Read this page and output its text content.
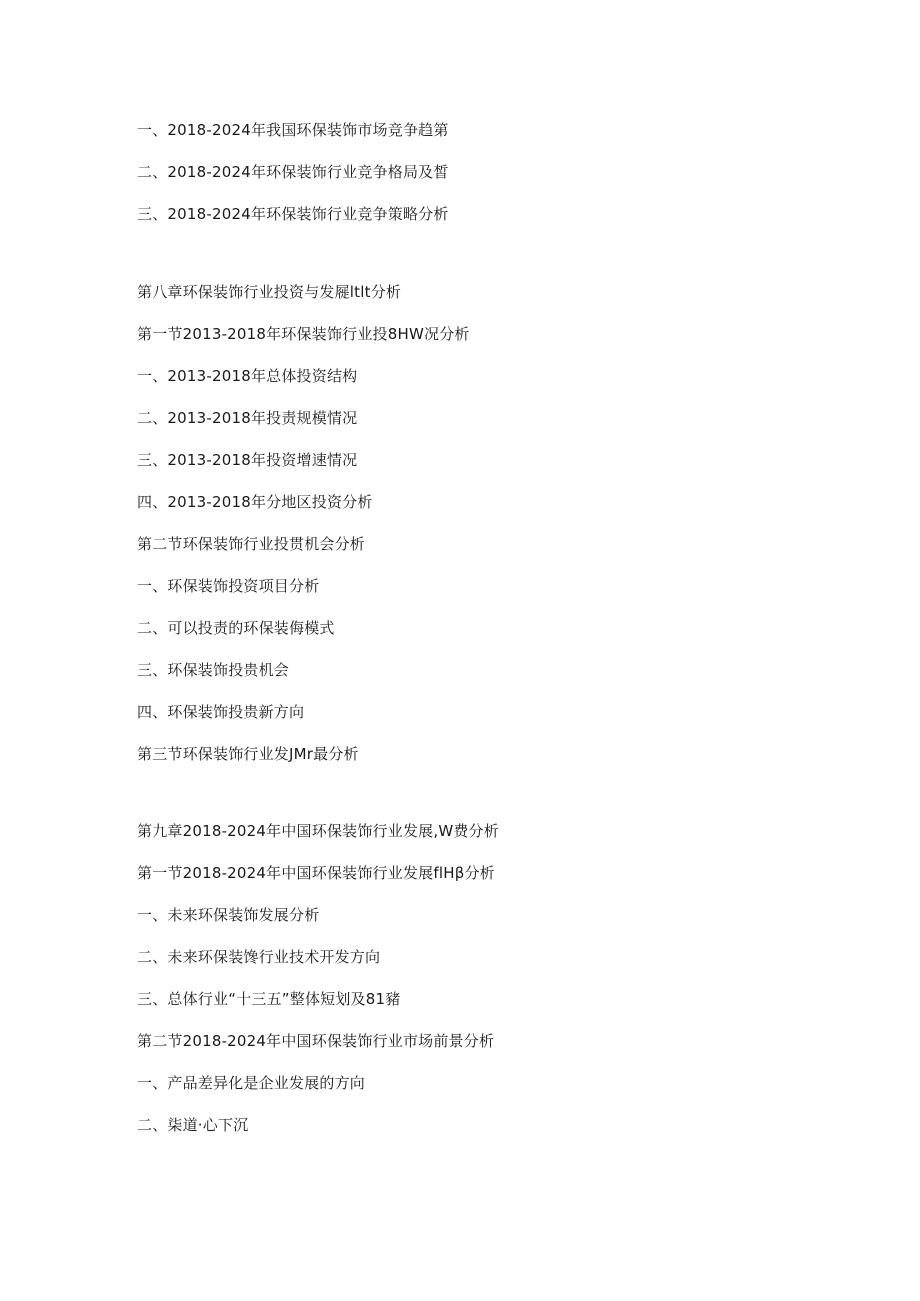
一、2018-2024年我国环保装饰市场竞争趋第
二、2018-2024年环保装饰行业竞争格局及皙
三、2018-2024年环保装饰行业竞争策略分析
第八章环保装饰行业投资与发屣ltlt分析
第一节2013-2018年环保装饰行业投8HW况分析
一、2013-2018年总体投资结构
二、2013-2018年投责规模情况
三、2013-2018年投资增速情况
四、2013-2018年分地区投资分析
第二节环保装饰行业投贯机会分析
一、环保装饰投资项目分析
二、可以投责的环保装侮模式
三、环保装饰投贵机会
四、环保装饰投贵新方向
第三节环保装饰行业发JMr最分析
第九章2018-2024年中国环保装饰行业发展,W费分析
第一节2018-2024年中国环保装饰行业发展flHβ分析
一、未来环保装饰发展分析
二、未来环保装馋行业技术开发方向
三、总体行业“十三五”整体短划及81豬
第二节2018-2024年中国环保装饰行业市场前景分析
一、产品差异化是企业发展的方向
二、柒道·心下沉
